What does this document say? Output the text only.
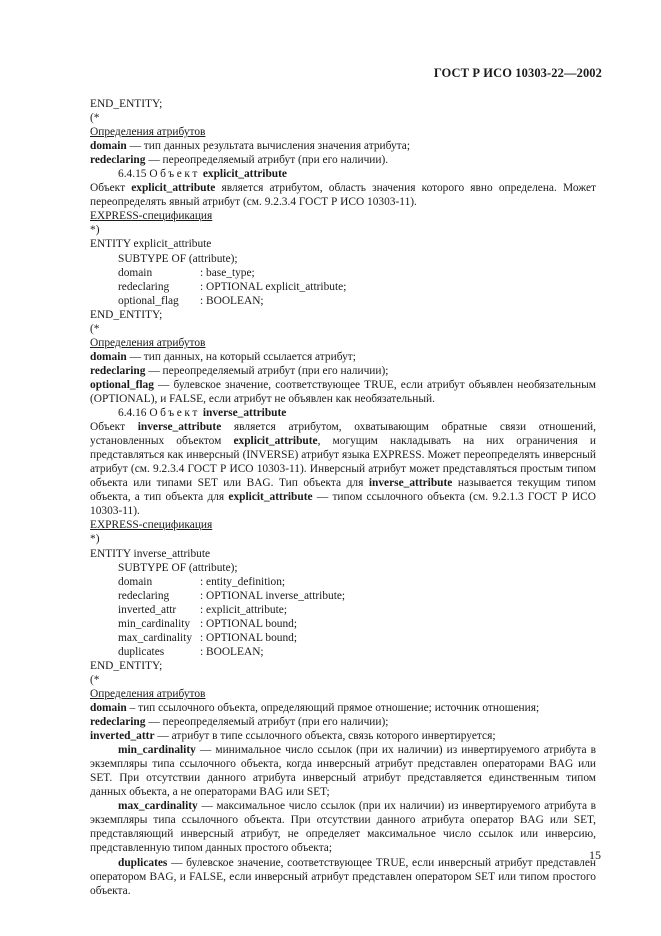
ГОСТ Р ИСО 10303-22—2002
END_ENTITY;
(*
Определения атрибутов
domain — тип данных результата вычисления значения атрибута;
redeclaring — переопределяемый атрибут (при его наличии).
6.4.15 Объект explicit_attribute
Объект explicit_attribute является атрибутом, область значения которого явно определена. Может переопределять явный атрибут (см. 9.2.3.4 ГОСТ Р ИСО 10303-11).
EXPRESS-спецификация
*)
ENTITY explicit_attribute
SUBTYPE OF (attribute);
domain	: base_type;
redeclaring	: OPTIONAL explicit_attribute;
optional_flag	: BOOLEAN;
END_ENTITY;
(*
Определения атрибутов
domain — тип данных, на который ссылается атрибут;
redeclaring — переопределяемый атрибут (при его наличии);
optional_flag — булевское значение, соответствующее TRUE, если атрибут объявлен необязательным (OPTIONAL), и FALSE, если атрибут не объявлен как необязательный.
6.4.16 Объект inverse_attribute
Объект inverse_attribute является атрибутом, охватывающим обратные связи отношений, установленных объектом explicit_attribute, могущим накладывать на них ограничения и представляться как инверсный (INVERSE) атрибут языка EXPRESS. Может переопределять инверсный атрибут (см. 9.2.3.4 ГОСТ Р ИСО 10303-11). Инверсный атрибут может представляться простым типом объекта или типами SET или BAG. Тип объекта для inverse_attribute называется текущим типом объекта, а тип объекта для explicit_attribute — типом ссылочного объекта (см. 9.2.1.3 ГОСТ Р ИСО 10303-11).
EXPRESS-спецификация
*)
ENTITY inverse_attribute
SUBTYPE OF (attribute);
domain	: entity_definition;
redeclaring	: OPTIONAL inverse_attribute;
inverted_attr	: explicit_attribute;
min_cardinality : OPTIONAL bound;
max_cardinality : OPTIONAL bound;
duplicates	: BOOLEAN;
END_ENTITY;
(*
Определения атрибутов
domain – тип ссылочного объекта, определяющий прямое отношение; источник отношения;
redeclaring — переопределяемый атрибут (при его наличии);
inverted_attr — атрибут в типе ссылочного объекта, связь которого инвертируется;
min_cardinality — минимальное число ссылок (при их наличии) из инвертируемого атрибута в экземпляры типа ссылочного объекта, когда инверсный атрибут представлен операторами BAG или SET. При отсутствии данного атрибута инверсный атрибут представляется единственным типом данных объекта, а не операторами BAG или SET;
max_cardinality — максимальное число ссылок (при их наличии) из инвертируемого атрибута в экземпляры типа ссылочного объекта. При отсутствии данного атрибута оператор BAG или SET, представляющий инверсный атрибут, не определяет максимальное число ссылок или инверсию, представленную типом данных простого объекта;
duplicates — булевское значение, соответствующее TRUE, если инверсный атрибут представлен оператором BAG, и FALSE, если инверсный атрибут представлен оператором SET или типом простого объекта.
15
